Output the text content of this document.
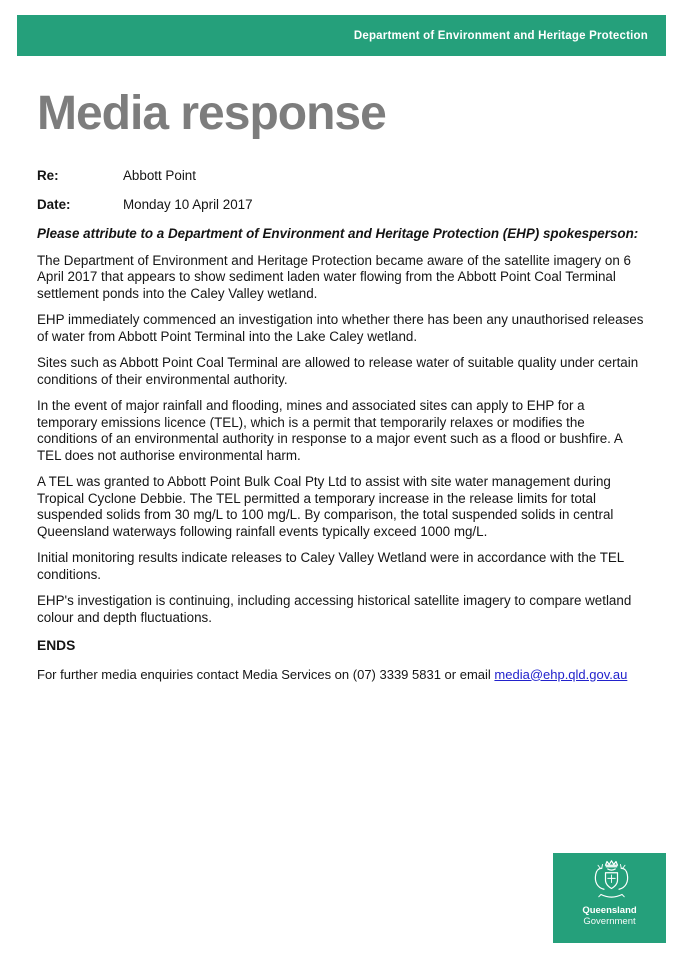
Department of Environment and Heritage Protection
Media response
Re:	Abbott Point
Date:	Monday 10 April 2017
Please attribute to a Department of Environment and Heritage Protection (EHP) spokesperson:

The Department of Environment and Heritage Protection became aware of the satellite imagery on 6 April 2017 that appears to show sediment laden water flowing from the Abbott Point Coal Terminal settlement ponds into the Caley Valley wetland.

EHP immediately commenced an investigation into whether there has been any unauthorised releases of water from Abbott Point Terminal into the Lake Caley wetland.

Sites such as Abbott Point Coal Terminal are allowed to release water of suitable quality under certain conditions of their environmental authority.

In the event of major rainfall and flooding, mines and associated sites can apply to EHP for a temporary emissions licence (TEL), which is a permit that temporarily relaxes or modifies the conditions of an environmental authority in response to a major event such as a flood or bushfire. A TEL does not authorise environmental harm.

A TEL was granted to Abbott Point Bulk Coal Pty Ltd to assist with site water management during Tropical Cyclone Debbie. The TEL permitted a temporary increase in the release limits for total suspended solids from 30 mg/L to 100 mg/L. By comparison, the total suspended solids in central Queensland waterways following rainfall events typically exceed 1000 mg/L.

Initial monitoring results indicate releases to Caley Valley Wetland were in accordance with the TEL conditions.

EHP's investigation is continuing, including accessing historical satellite imagery to compare wetland colour and depth fluctuations.

ENDS
For further media enquiries contact Media Services on (07) 3339 5831 or email media@ehp.qld.gov.au
Queensland
Government
